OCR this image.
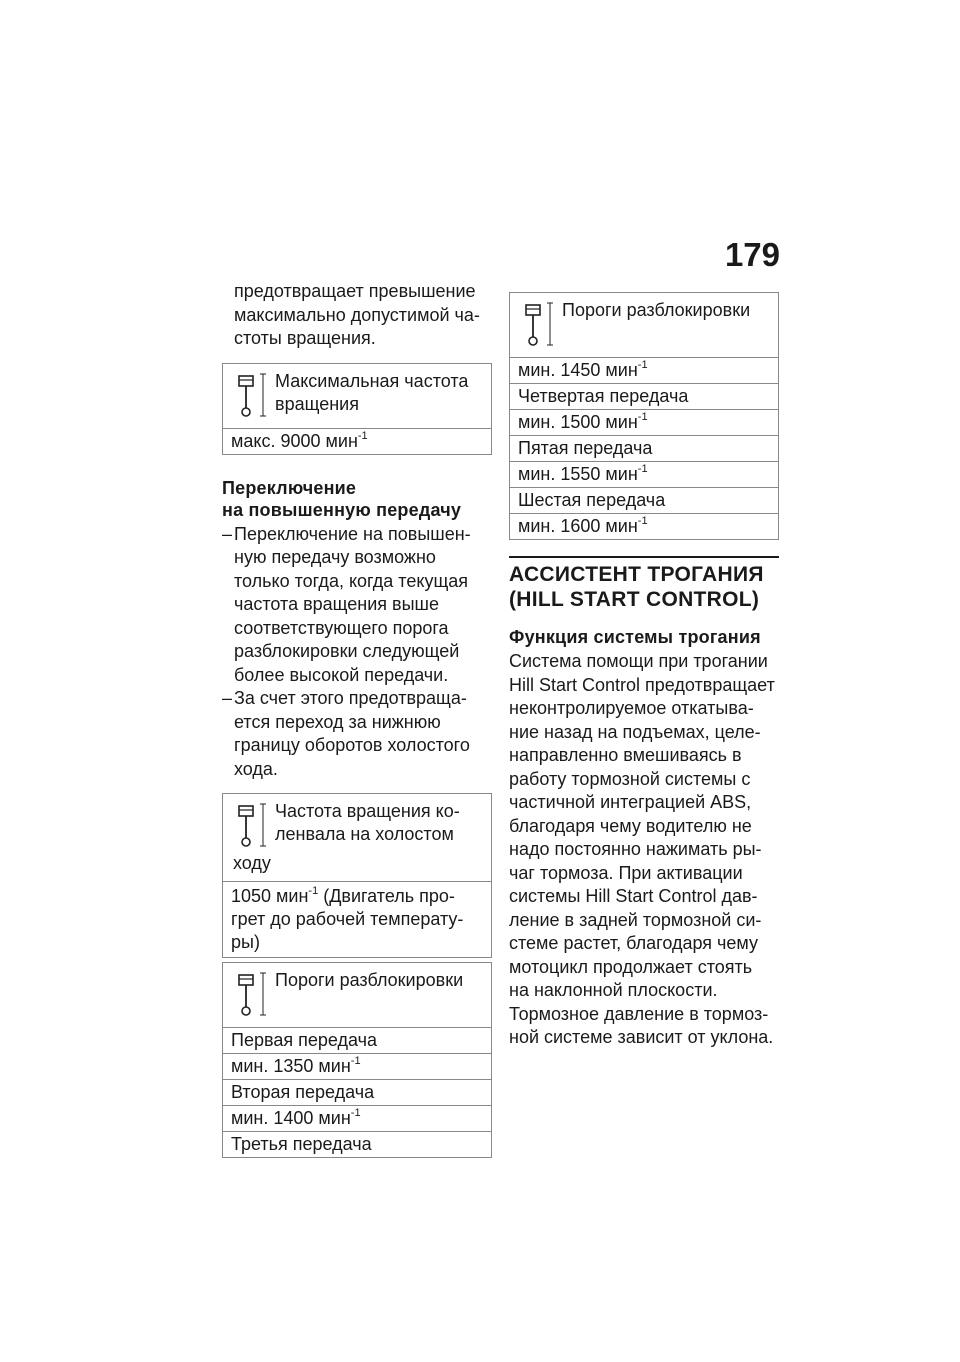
179

предотвращает превышение

максимально допустимой ча-

стоты вращения.

Максимальная частота
вращения
макс. 9000 мин$^{-1}$
Переключение
на повышенную передачу
– Переключение на повышен-
ную передачу возможно
только тогда, когда текущая
частота вращения выше
соответствующего порога
разблокировки следующей
более высокой передачи.
– За счет этого предотвраща-
ется переход за нижнюю
границу оборотов холостого
хода.
Частота вращения ко-
ленвала на холостом
ходу
1050 мин$^{-1}$ (Двигатель про-
грет до рабочей температу-
ры)
Пороги разблокировки
Первая передача
мин. 1350 мин$^{-1}$
Вторая передача
мин. 1400 мин$^{-1}$
Третья передача
Пороги разблокировки
мин. 1450 мин$^{-1}$
Четвертая передача
мин. 1500 мин$^{-1}$
Пятая передача
мин. 1550 мин$^{-1}$
Шестая передача
мин. 1600 мин$^{-1}$
АССИСТЕНТ ТРОГАНИЯ
(HILL START CONTROL)
Функция системы трогания

Система помощи при трогании

Hill Start Control предотвращает

неконтролируемое откатыва-

ние назад на подъемах, целе-

направленно вмешиваясь в

работу тормозной системы с

частичной интеграцией ABS,

благодаря чему водителю не

надо постоянно нажимать ры-

чаг тормоза. При активации

системы Hill Start Control дав-

ление в задней тормозной си-

стеме растет, благодаря чему

мотоцикл продолжает стоять

на наклонной плоскости.

Тормозное давление в тормоз-

ной системе зависит от уклона.
